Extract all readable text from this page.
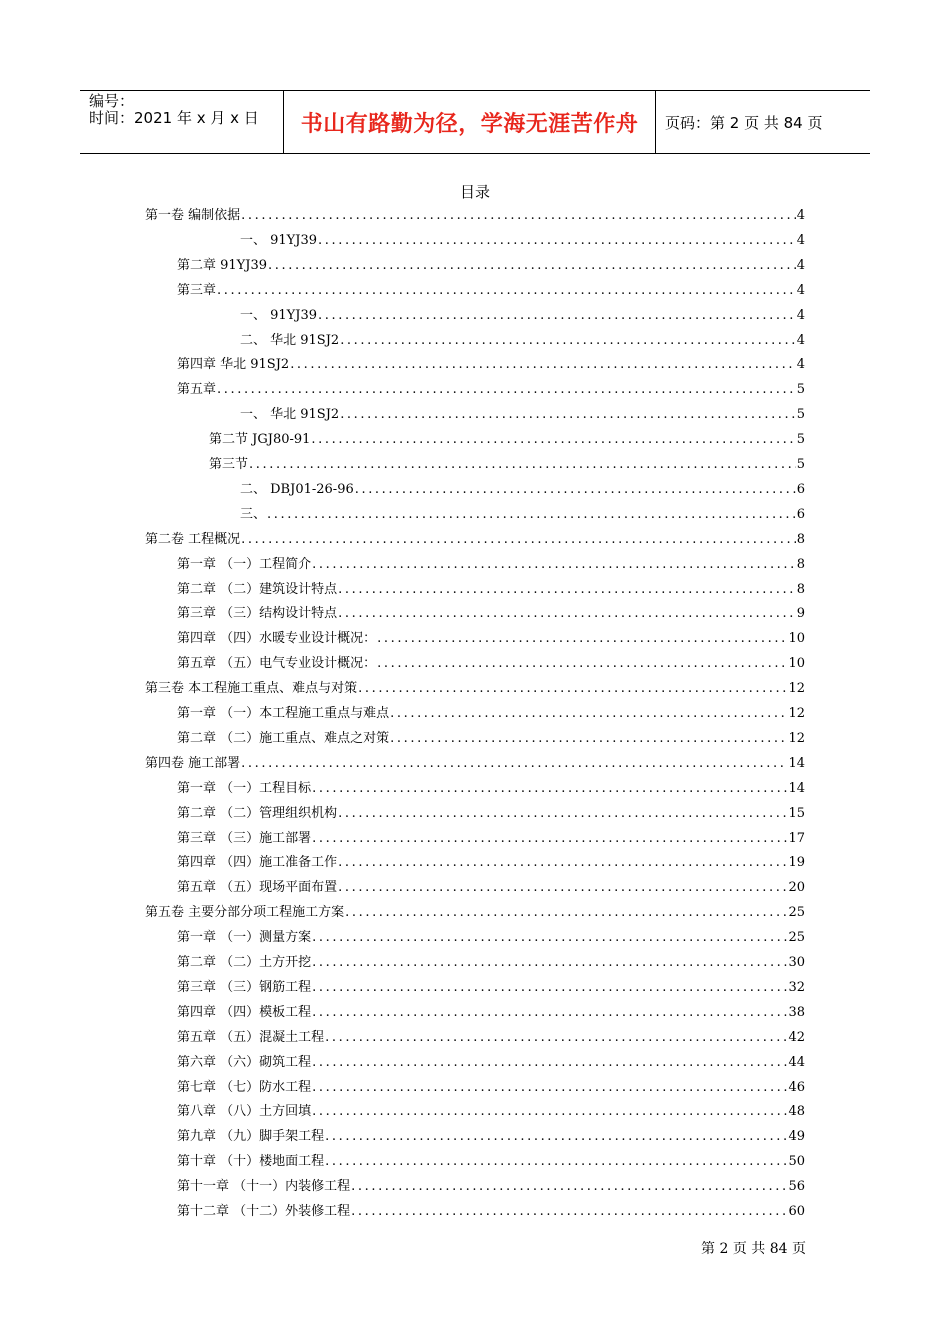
编号：
时间：2021 年 x 月 x 日	书山有路勤为径，学海无涯苦作舟	页码：第 2 页 共 84 页
目录
第一卷 编制依据 .....	4
一、 91YJ39 .....	4
第二章 91YJ39 .....	4
第三章 .....	4
一、 91YJ39 .....	4
二、 华北 91SJ2 .....	4
第四章 华北 91SJ2 .....	4
第五章 .....	5
一、 华北 91SJ2 .....	5
第二节 JGJ80-91 .....	5
第三节 .....	5
二、 DBJ01-26-96 .....	6
三、 .....	6
第二卷 工程概况 .....	8
第一章 （一）工程简介 .....	8
第二章 （二）建筑设计特点 .....	8
第三章 （三）结构设计特点 .....	9
第四章 （四）水暖专业设计概况： .....	10
第五章 （五）电气专业设计概况： .....	10
第三卷 本工程施工重点、难点与对策 .....	12
第一章 （一）本工程施工重点与难点 .....	12
第二章 （二）施工重点、难点之对策 .....	12
第四卷 施工部署 .....	14
第一章 （一）工程目标 .....	14
第二章 （二）管理组织机构 .....	15
第三章 （三）施工部署 .....	17
第四章 （四）施工准备工作 .....	19
第五章 （五）现场平面布置 .....	20
第五卷 主要分部分项工程施工方案 .....	25
第一章 （一）测量方案 .....	25
第二章 （二）土方开挖 .....	30
第三章 （三）钢筋工程 .....	32
第四章 （四）模板工程 .....	38
第五章 （五）混凝土工程 .....	42
第六章 （六）砌筑工程 .....	44
第七章 （七）防水工程 .....	46
第八章 （八）土方回填 .....	48
第九章 （九）脚手架工程 .....	49
第十章 （十）楼地面工程 .....	50
第十一章 （十一）内装修工程 .....	56
第十二章 （十二）外装修工程 .....	60
第 2 页 共 84 页
